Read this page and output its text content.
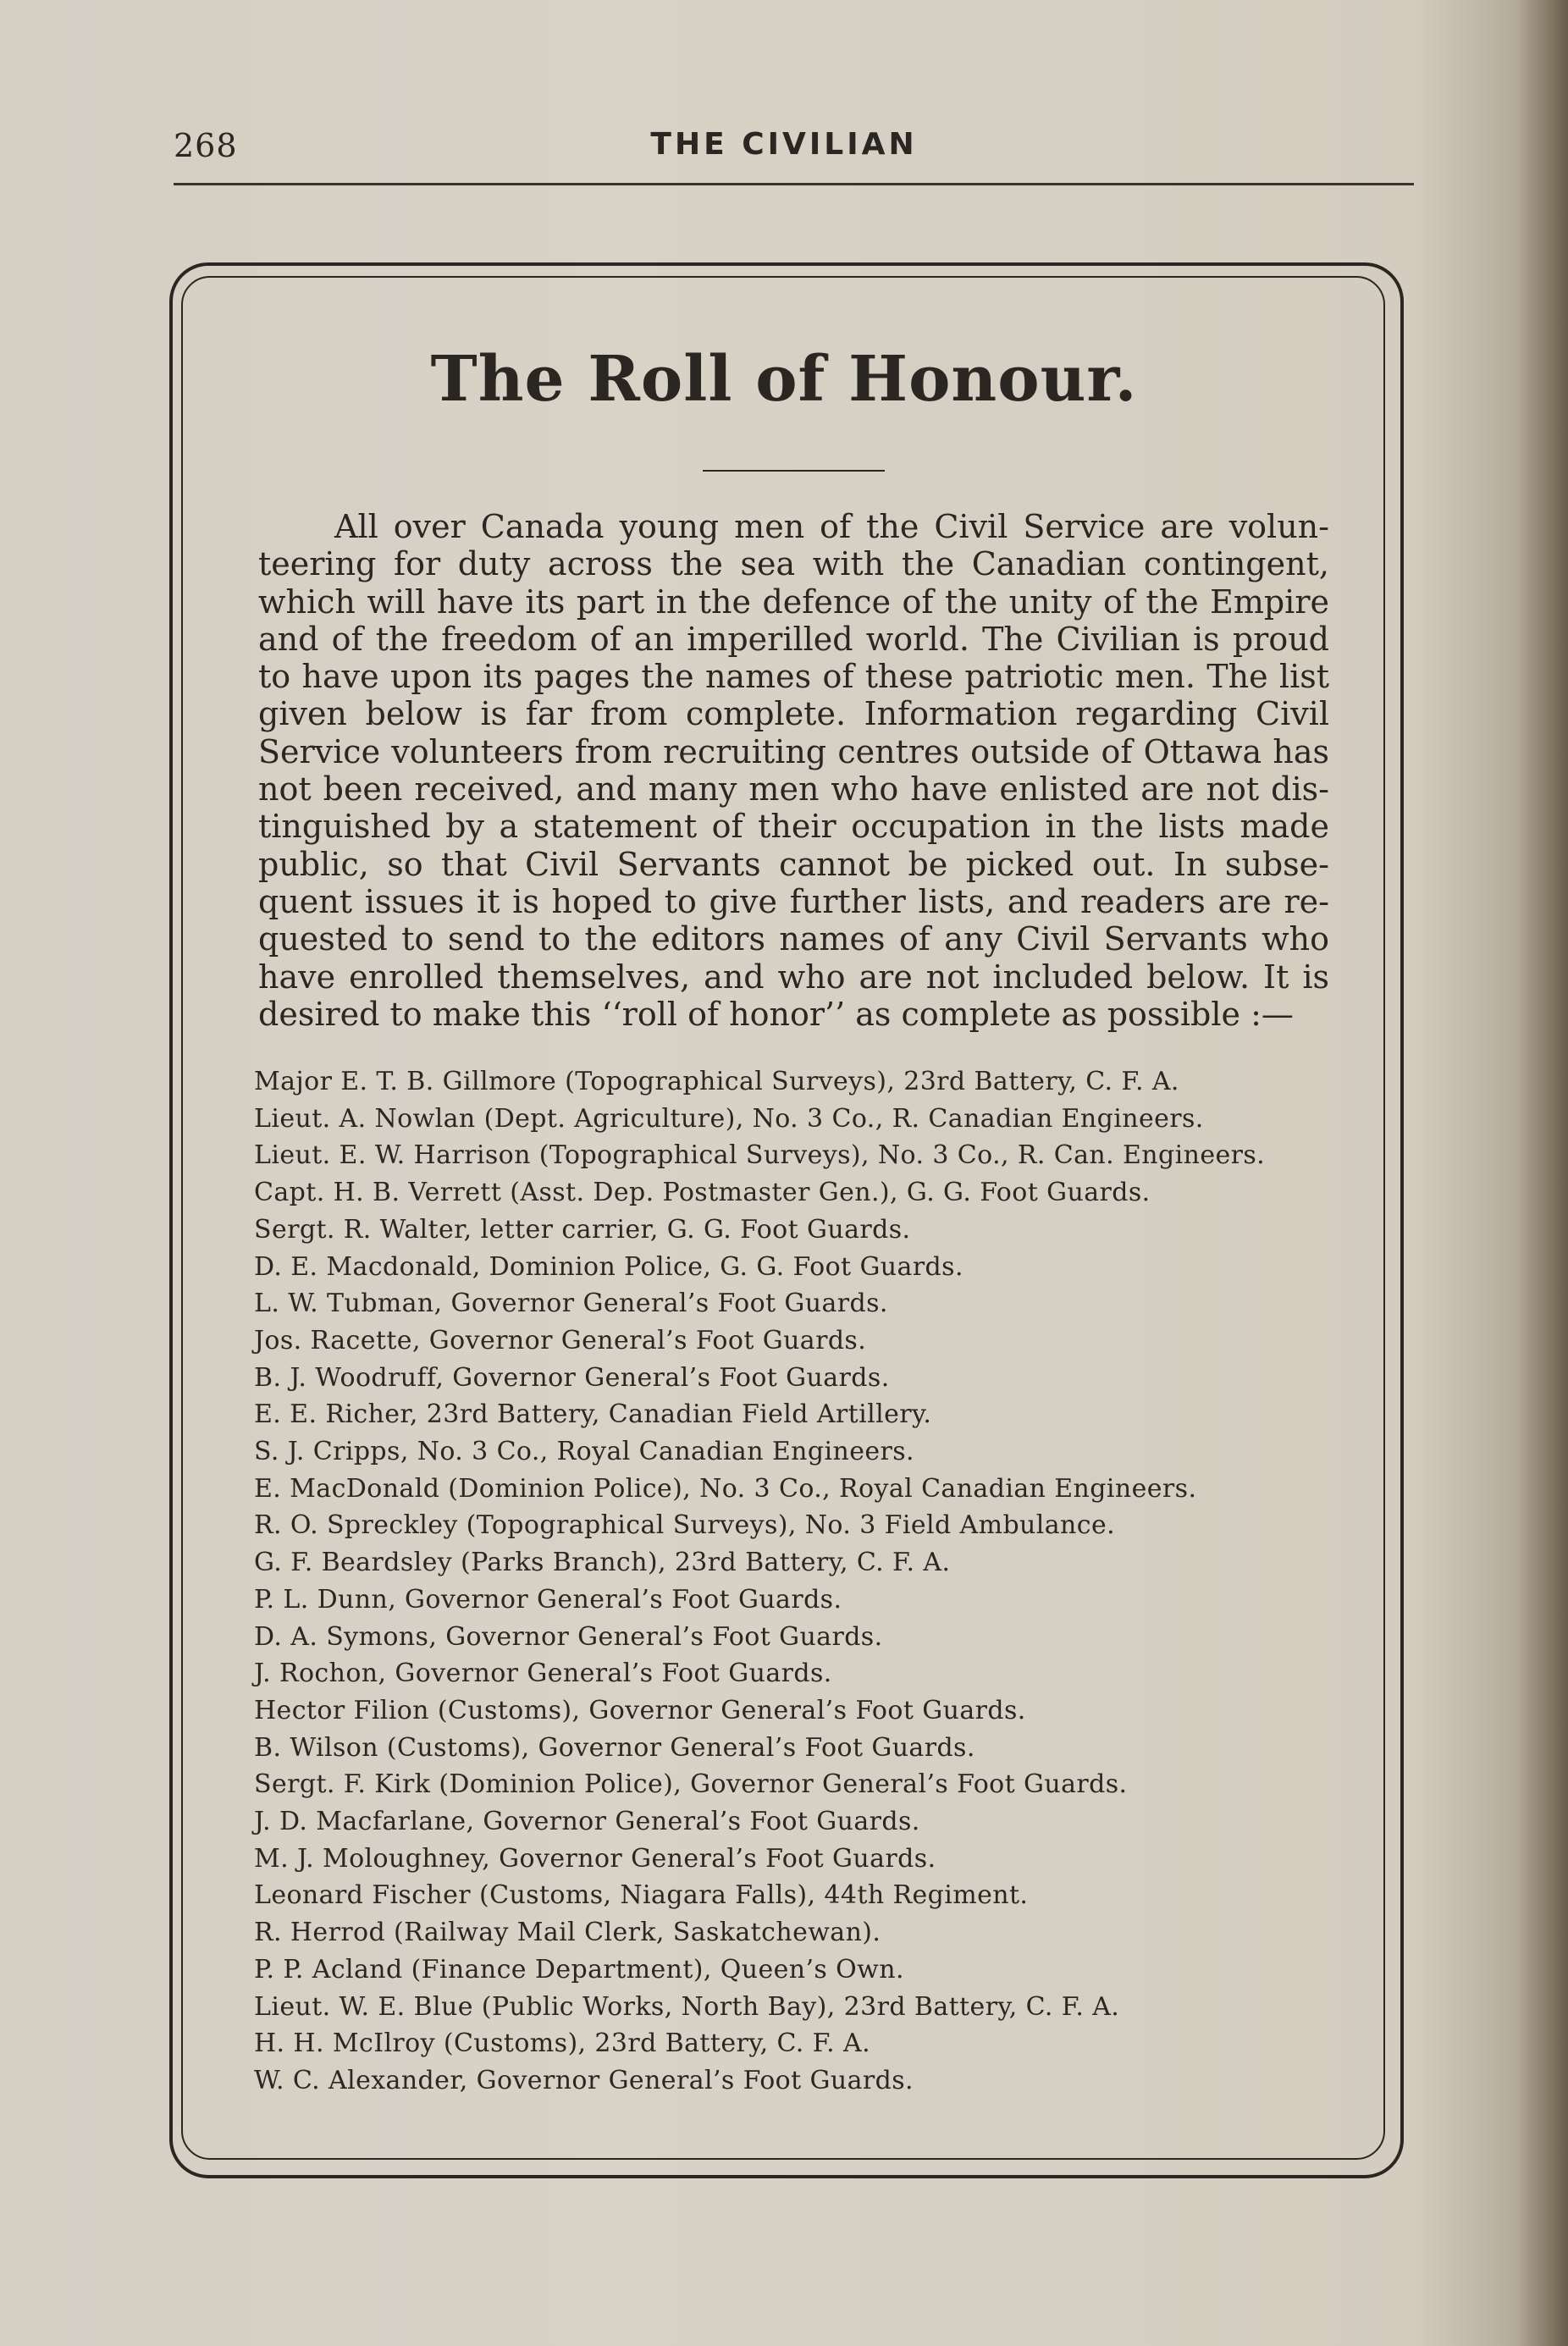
268	THE CIVILIAN
The Roll of Honour.
All over Canada young men of the Civil Service are volun-
teering for duty across the sea with the Canadian contingent,
which will have its part in the defence of the unity of the Empire
and of the freedom of an imperilled world. The Civilian is proud
to have upon its pages the names of these patriotic men. The list
given below is far from complete. Information regarding Civil
Service volunteers from recruiting centres outside of Ottawa has
not been received, and many men who have enlisted are not dis-
tinguished by a statement of their occupation in the lists made
public, so that Civil Servants cannot be picked out. In subse-
quent issues it is hoped to give further lists, and readers are re-
quested to send to the editors names of any Civil Servants who
have enrolled themselves, and who are not included below. It is
desired to make this ‘‘roll of honor’’ as complete as possible :—
Major E. T. B. Gillmore (Topographical Surveys), 23rd Battery, C. F. A.
Lieut. A. Nowlan (Dept. Agriculture), No. 3 Co., R. Canadian Engineers.
Lieut. E. W. Harrison (Topographical Surveys), No. 3 Co., R. Can. Engineers.
Capt. H. B. Verrett (Asst. Dep. Postmaster Gen.), G. G. Foot Guards.
Sergt. R. Walter, letter carrier, G. G. Foot Guards.
D. E. Macdonald, Dominion Police, G. G. Foot Guards.
L. W. Tubman, Governor General’s Foot Guards.
Jos. Racette, Governor General’s Foot Guards.
B. J. Woodruff, Governor General’s Foot Guards.
E. E. Richer, 23rd Battery, Canadian Field Artillery.
S. J. Cripps, No. 3 Co., Royal Canadian Engineers.
E. MacDonald (Dominion Police), No. 3 Co., Royal Canadian Engineers.
R. O. Spreckley (Topographical Surveys), No. 3 Field Ambulance.
G. F. Beardsley (Parks Branch), 23rd Battery, C. F. A.
P. L. Dunn, Governor General’s Foot Guards.
D. A. Symons, Governor General’s Foot Guards.
J. Rochon, Governor General’s Foot Guards.
Hector Filion (Customs), Governor General’s Foot Guards.
B. Wilson (Customs), Governor General’s Foot Guards.
Sergt. F. Kirk (Dominion Police), Governor General’s Foot Guards.
J. D. Macfarlane, Governor General’s Foot Guards.
M. J. Moloughney, Governor General’s Foot Guards.
Leonard Fischer (Customs, Niagara Falls), 44th Regiment.
R. Herrod (Railway Mail Clerk, Saskatchewan).
P. P. Acland (Finance Department), Queen’s Own.
Lieut. W. E. Blue (Public Works, North Bay), 23rd Battery, C. F. A.
H. H. McIlroy (Customs), 23rd Battery, C. F. A.
W. C. Alexander, Governor General’s Foot Guards.
